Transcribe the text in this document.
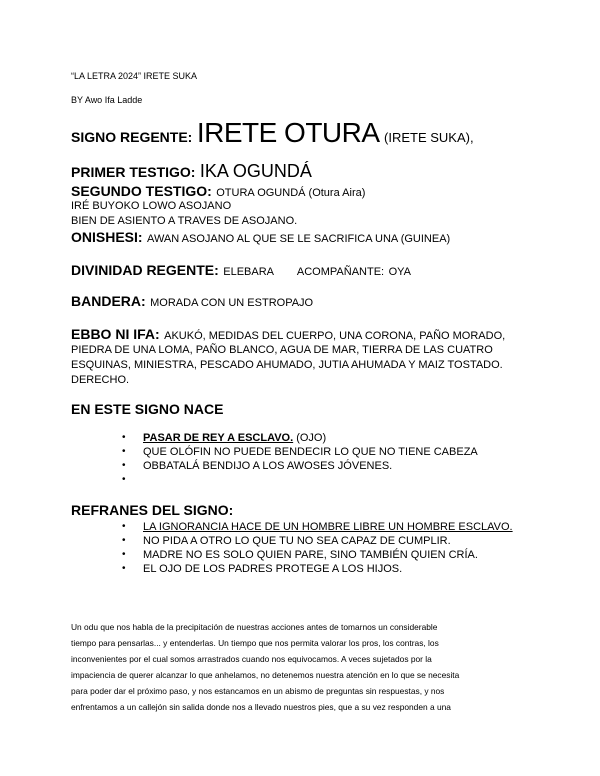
“LA LETRA 2024” IRETE SUKA
BY Awo Ifa Ladde
SIGNO REGENTE: IRETE OTURA (IRETE SUKA),
PRIMER TESTIGO: IKA OGUNDÁ
SEGUNDO TESTIGO: OTURA OGUNDÁ (Otura Aira)
IRÉ BUYOKO LOWO ASOJANO
BIEN DE ASIENTO A TRAVES DE ASOJANO.
ONISHESI: AWAN ASOJANO AL QUE SE LE SACRIFICA UNA (GUINEA)
DIVINIDAD REGENTE: ELEBARA ACOMPAÑANTE: OYA
BANDERA: MORADA CON UN ESTROPAJO
EBBO NI IFA: AKUKÓ, MEDIDAS DEL CUERPO, UNA CORONA, PAÑO MORADO,
PIEDRA DE UNA LOMA, PAÑO BLANCO, AGUA DE MAR, TIERRA DE LAS CUATRO
ESQUINAS, MINIESTRA, PESCADO AHUMADO, JUTIA AHUMADA Y MAIZ TOSTADO.
DERECHO.
EN ESTE SIGNO NACE
• PASAR DE REY A ESCLAVO. (OJO)
• QUE OLÓFIN NO PUEDE BENDECIR LO QUE NO TIENE CABEZA
• OBBATALÁ BENDIJO A LOS AWOSES JÓVENES.
•
REFRANES DEL SIGNO:
• LA IGNORANCIA HACE DE UN HOMBRE LIBRE UN HOMBRE ESCLAVO.
• NO PIDA A OTRO LO QUE TU NO SEA CAPAZ DE CUMPLIR.
• MADRE NO ES SOLO QUIEN PARE, SINO TAMBIÉN QUIEN CRÍA.
• EL OJO DE LOS PADRES PROTEGE A LOS HIJOS.
Un odu que nos habla de la precipitación de nuestras acciones antes de tomarnos un considerable
tiempo para pensarlas... y entenderlas. Un tiempo que nos permita valorar los pros, los contras, los
inconvenientes por el cual somos arrastrados cuando nos equivocamos. A veces sujetados por la
impaciencia de querer alcanzar lo que anhelamos, no detenemos nuestra atención en lo que se necesita
para poder dar el próximo paso, y nos estancamos en un abismo de preguntas sin respuestas, y nos
enfrentamos a un callejón sin salida donde nos a llevado nuestros pies, que a su vez responden a una
